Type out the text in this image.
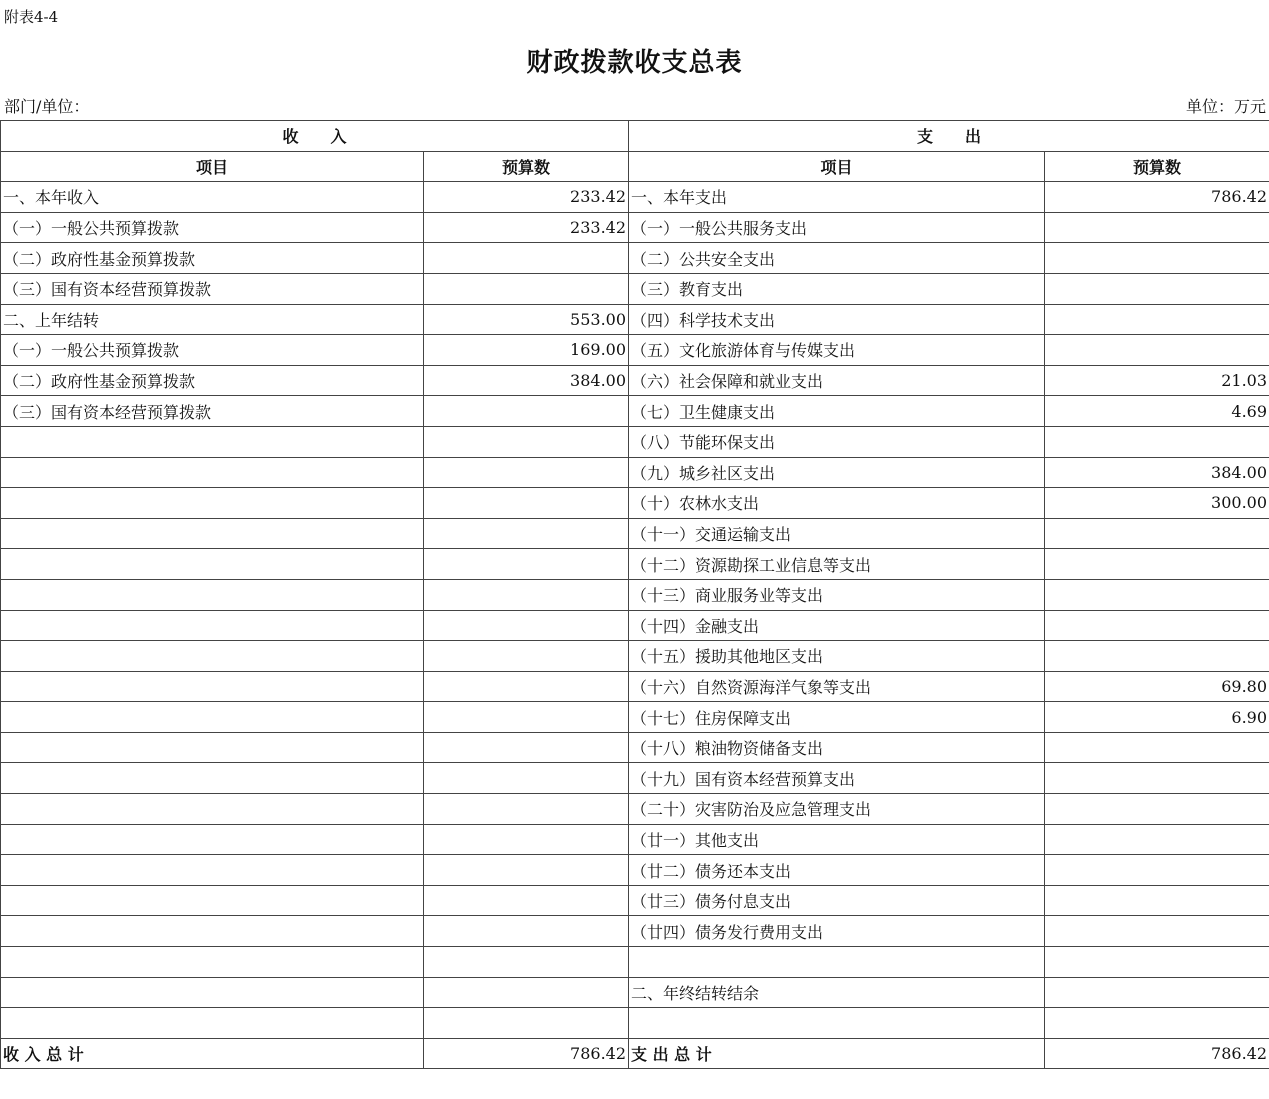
附表4-4
财政拨款收支总表
部门/单位：	单位：万元
收　　入		支　　出	
项目	预算数	项目	预算数
一、本年收入	233.42	一、本年支出	786.42
（一）一般公共预算拨款	233.42	（一）一般公共服务支出	
（二）政府性基金预算拨款		（二）公共安全支出	
（三）国有资本经营预算拨款		（三）教育支出	
二、上年结转	553.00	（四）科学技术支出	
（一）一般公共预算拨款	169.00	（五）文化旅游体育与传媒支出	
（二）政府性基金预算拨款	384.00	（六）社会保障和就业支出	21.03
（三）国有资本经营预算拨款		（七）卫生健康支出	4.69
		（八）节能环保支出	
		（九）城乡社区支出	384.00
		（十）农林水支出	300.00
		（十一）交通运输支出	
		（十二）资源勘探工业信息等支出	
		（十三）商业服务业等支出	
		（十四）金融支出	
		（十五）援助其他地区支出	
		（十六）自然资源海洋气象等支出	69.80
		（十七）住房保障支出	6.90
		（十八）粮油物资储备支出	
		（十九）国有资本经营预算支出	
		（二十）灾害防治及应急管理支出	
		（廿一）其他支出	
		（廿二）债务还本支出	
		（廿三）债务付息支出	
		（廿四）债务发行费用支出	

		二、年终结转结余	

收 入 总 计	786.42	支 出 总 计	786.42
